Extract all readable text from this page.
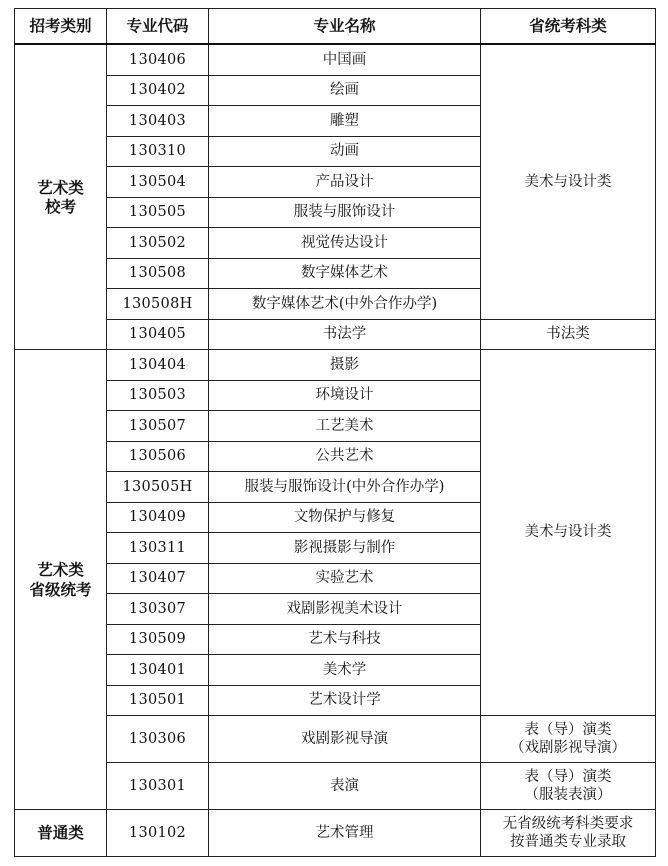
招考类别	专业代码	专业名称	省统考科类

艺术类
校考	130406	中国画	美术与设计类

	130402	绘画	
	130403	雕塑	
	130310	动画	
	130504	产品设计	
	130505	服装与服饰设计	
	130502	视觉传达设计	
	130508	数字媒体艺术	
	130508H	数字媒体艺术(中外合作办学)	
	130405	书法学	书法类

艺术类
省级统考	130404	摄影	美术与设计类

	130503	环境设计	
	130507	工艺美术	
	130506	公共艺术	
	130505H	服装与服饰设计(中外合作办学)	
	130409	文物保护与修复	
	130311	影视摄影与制作	
	130407	实验艺术	
	130307	戏剧影视美术设计	
	130509	艺术与科技	
	130401	美术学	
	130501	艺术设计学	
	130306	戏剧影视导演	表（导）演类
（戏剧影视导演）

	130301	表演	表（导）演类
（服装表演）

普通类	130102	艺术管理	无省级统考科类要求
按普通类专业录取
